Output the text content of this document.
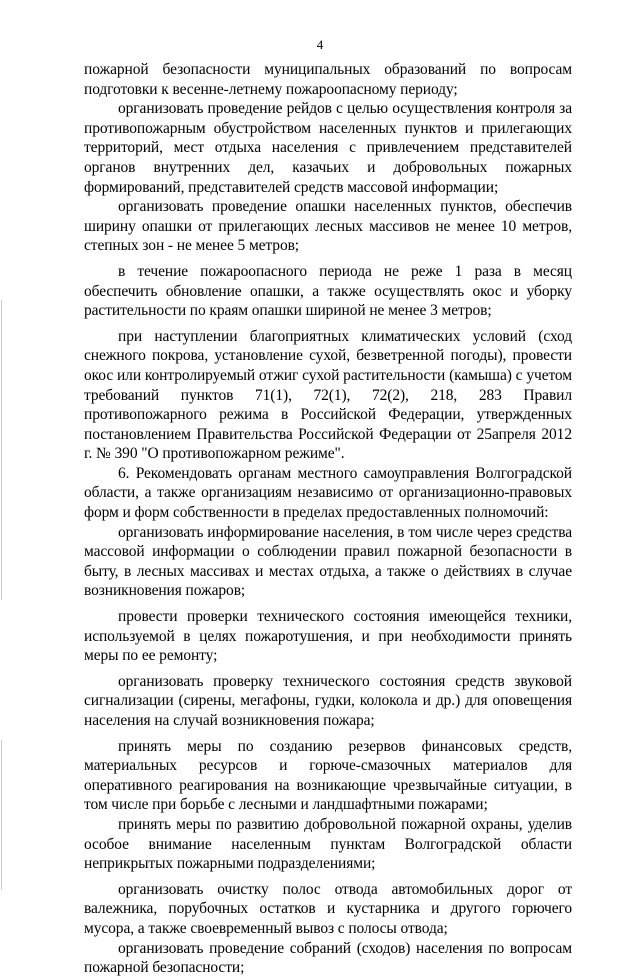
4

пожарной безопасности муниципальных образований по вопросам подготовки к весенне-летнему пожароопасному периоду;

организовать проведение рейдов с целью осуществления контроля за противопожарным обустройством населенных пунктов и прилегающих территорий, мест отдыха населения с привлечением представителей органов внутренних дел, казачьих и добровольных пожарных формирований, представителей средств массовой информации;

организовать проведение опашки населенных пунктов, обеспечив ширину опашки от прилегающих лесных массивов не менее 10 метров, степных зон - не менее 5 метров;

в течение пожароопасного периода не реже 1 раза в месяц обеспечить обновление опашки, а также осуществлять окос и уборку растительности по краям опашки шириной не менее 3 метров;

при наступлении благоприятных климатических условий (сход снежного покрова, установление сухой, безветренной погоды), провести окос или контролируемый отжиг сухой растительности (камыша) с учетом требований пунктов 71(1), 72(1), 72(2), 218, 283 Правил противопожарного режима в Российской Федерации, утвержденных постановлением Правительства Российской Федерации от 25апреля 2012 г. № 390 "О противопожарном режиме".

6. Рекомендовать органам местного самоуправления Волгоградской области, а также организациям независимо от организационно-правовых форм и форм собственности в пределах предоставленных полномочий:

организовать информирование населения, в том числе через средства массовой информации о соблюдении правил пожарной безопасности в быту, в лесных массивах и местах отдыха, а также о действиях в случае возникновения пожаров;

провести проверки технического состояния имеющейся техники, используемой в целях пожаротушения, и при необходимости принять меры по ее ремонту;

организовать проверку технического состояния средств звуковой сигнализации (сирены, мегафоны, гудки, колокола и др.) для оповещения населения на случай возникновения пожара;

принять меры по созданию резервов финансовых средств, материальных ресурсов и горюче-смазочных материалов для оперативного реагирования на возникающие чрезвычайные ситуации, в том числе при борьбе с лесными и ландшафтными пожарами;

принять меры по развитию добровольной пожарной охраны, уделив особое внимание населенным пунктам Волгоградской области неприкрытых пожарными подразделениями;

организовать очистку полос отвода автомобильных дорог от валежника, порубочных остатков и кустарника и другого горючего мусора, а также своевременный вывоз с полосы отвода;

организовать проведение собраний (сходов) населения по вопросам пожарной безопасности;
